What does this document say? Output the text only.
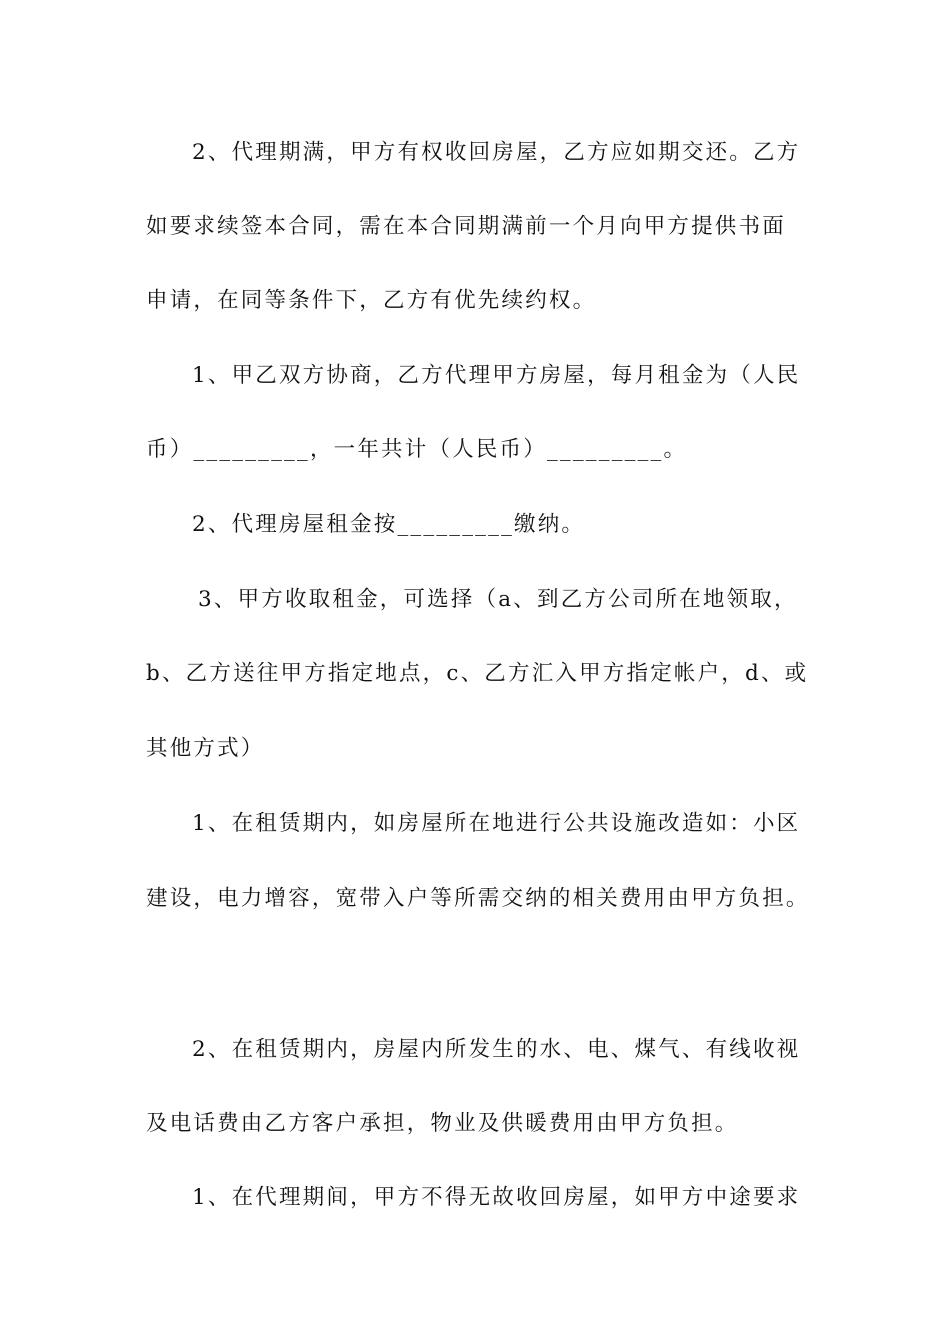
2、代理期满，甲方有权收回房屋，乙方应如期交还。乙方
如要求续签本合同，需在本合同期满前一个月向甲方提供书面
申请，在同等条件下，乙方有优先续约权。
1、甲乙双方协商，乙方代理甲方房屋，每月租金为（人民
币）_________，一年共计（人民币）_________。
2、代理房屋租金按_________缴纳。
3、甲方收取租金，可选择（a、到乙方公司所在地领取，
b、乙方送往甲方指定地点，c、乙方汇入甲方指定帐户，d、或
其他方式）
1、在租赁期内，如房屋所在地进行公共设施改造如：小区
建设，电力增容，宽带入户等所需交纳的相关费用由甲方负担。
2、在租赁期内，房屋内所发生的水、电、煤气、有线收视
及电话费由乙方客户承担，物业及供暖费用由甲方负担。
1、在代理期间，甲方不得无故收回房屋，如甲方中途要求
